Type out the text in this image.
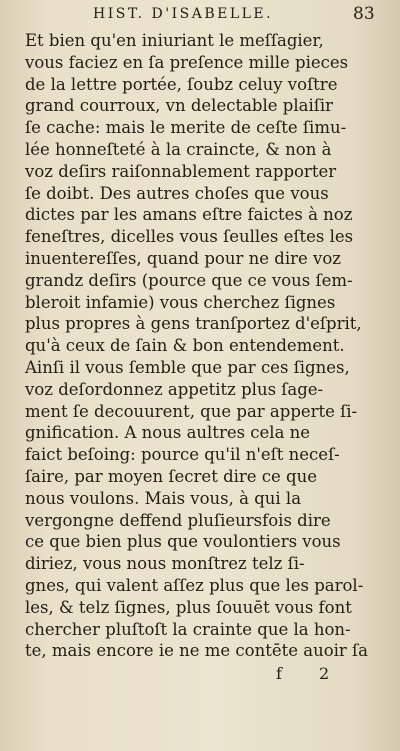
HIST. D'ISABELLE.	83
Et bien qu'en iniuriant le meſſagier,
vous faciez en ſa preſence mille pieces
de la lettre portée, ſoubz celuy voſtre
grand courroux, vn delectable plaiſir
ſe cache: mais le merite de ceſte ſimu-
lée honneſteté à la craincte, & non à
voz deſirs raiſonnablement rapporter
ſe doibt. Des autres choſes que vous
dictes par les amans eſtre faictes à noz
feneſtres, dicelles vous ſeulles eſtes les
inuentereſſes, quand pour ne dire voz
grandz deſirs (pource que ce vous ſem-
bleroit infamie) vous cherchez ſignes
plus propres à gens tranſportez d'eſprit,
qu'à ceux de ſain & bon entendement.
Ainſi il vous ſemble que par ces ſignes,
voz deſordonnez appetitz plus ſage-
ment ſe decouurent, que par apperte ſi-
gnification. A nous aultres cela ne
faict beſoing: pource qu'il n'eſt neceſ-
ſaire, par moyen ſecret dire ce que
nous voulons. Mais vous, à qui la
vergongne deffend pluſieursfois dire
ce que bien plus que voulontiers vous
diriez, vous nous monſtrez telz ſi-
gnes, qui valent aſſez plus que les parol-
les, & telz ſignes, plus ſouuēt vous font
chercher pluſtoſt la crainte que la hon-
te, mais encore ie ne me contēte auoir ſa
f 2
